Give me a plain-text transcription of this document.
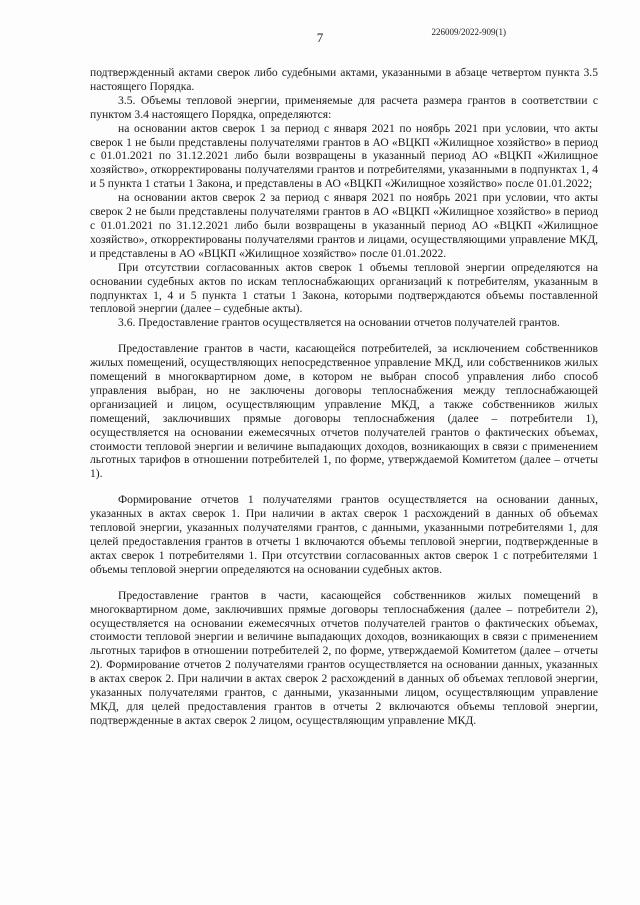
226009/2022-909(1)
7

подтвержденный актами сверок либо судебными актами, указанными в абзаце четвертом пункта 3.5 настоящего Порядка.

3.5. Объемы тепловой энергии, применяемые для расчета размера грантов в соответствии с пунктом 3.4 настоящего Порядка, определяются:

на основании актов сверок 1 за период с января 2021 по ноябрь 2021 при условии, что акты сверок 1 не были представлены получателями грантов в АО «ВЦКП «Жилищное хозяйство» в период с 01.01.2021 по 31.12.2021 либо были возвращены в указанный период АО «ВЦКП «Жилищное хозяйство», откорректированы получателями грантов и потребителями, указанными в подпунктах 1, 4 и 5 пункта 1 статьи 1 Закона, и представлены в АО «ВЦКП «Жилищное хозяйство» после 01.01.2022;

на основании актов сверок 2 за период с января 2021 по ноябрь 2021 при условии, что акты сверок 2 не были представлены получателями грантов в АО «ВЦКП «Жилищное хозяйство» в период с 01.01.2021 по 31.12.2021 либо были возвращены в указанный период АО «ВЦКП «Жилищное хозяйство», откорректированы получателями грантов и лицами, осуществляющими управление МКД, и представлены в АО «ВЦКП «Жилищное хозяйство» после 01.01.2022.

При отсутствии согласованных актов сверок 1 объемы тепловой энергии определяются на основании судебных актов по искам теплоснабжающих организаций к потребителям, указанным в подпунктах 1, 4 и 5 пункта 1 статьи 1 Закона, которыми подтверждаются объемы поставленной тепловой энергии (далее – судебные акты).

3.6. Предоставление грантов осуществляется на основании отчетов получателей грантов.

Предоставление грантов в части, касающейся потребителей, за исключением собственников жилых помещений, осуществляющих непосредственное управление МКД, или собственников жилых помещений в многоквартирном доме, в котором не выбран способ управления либо способ управления выбран, но не заключены договоры теплоснабжения между теплоснабжающей организацией и лицом, осуществляющим управление МКД, а также собственников жилых помещений, заключивших прямые договоры теплоснабжения (далее – потребители 1), осуществляется на основании ежемесячных отчетов получателей грантов о фактических объемах, стоимости тепловой энергии и величине выпадающих доходов, возникающих в связи с применением льготных тарифов в отношении потребителей 1, по форме, утверждаемой Комитетом (далее – отчеты 1).

Формирование отчетов 1 получателями грантов осуществляется на основании данных, указанных в актах сверок 1. При наличии в актах сверок 1 расхождений в данных об объемах тепловой энергии, указанных получателями грантов, с данными, указанными потребителями 1, для целей предоставления грантов в отчеты 1 включаются объемы тепловой энергии, подтвержденные в актах сверок 1 потребителями 1. При отсутствии согласованных актов сверок 1 с потребителями 1 объемы тепловой энергии определяются на основании судебных актов.

Предоставление грантов в части, касающейся собственников жилых помещений в многоквартирном доме, заключивших прямые договоры теплоснабжения (далее – потребители 2), осуществляется на основании ежемесячных отчетов получателей грантов о фактических объемах, стоимости тепловой энергии и величине выпадающих доходов, возникающих в связи с применением льготных тарифов в отношении потребителей 2, по форме, утверждаемой Комитетом (далее – отчеты 2). Формирование отчетов 2 получателями грантов осуществляется на основании данных, указанных в актах сверок 2. При наличии в актах сверок 2 расхождений в данных об объемах тепловой энергии, указанных получателями грантов, с данными, указанными лицом, осуществляющим управление МКД, для целей предоставления грантов в отчеты 2 включаются объемы тепловой энергии, подтвержденные в актах сверок 2 лицом, осуществляющим управление МКД.
